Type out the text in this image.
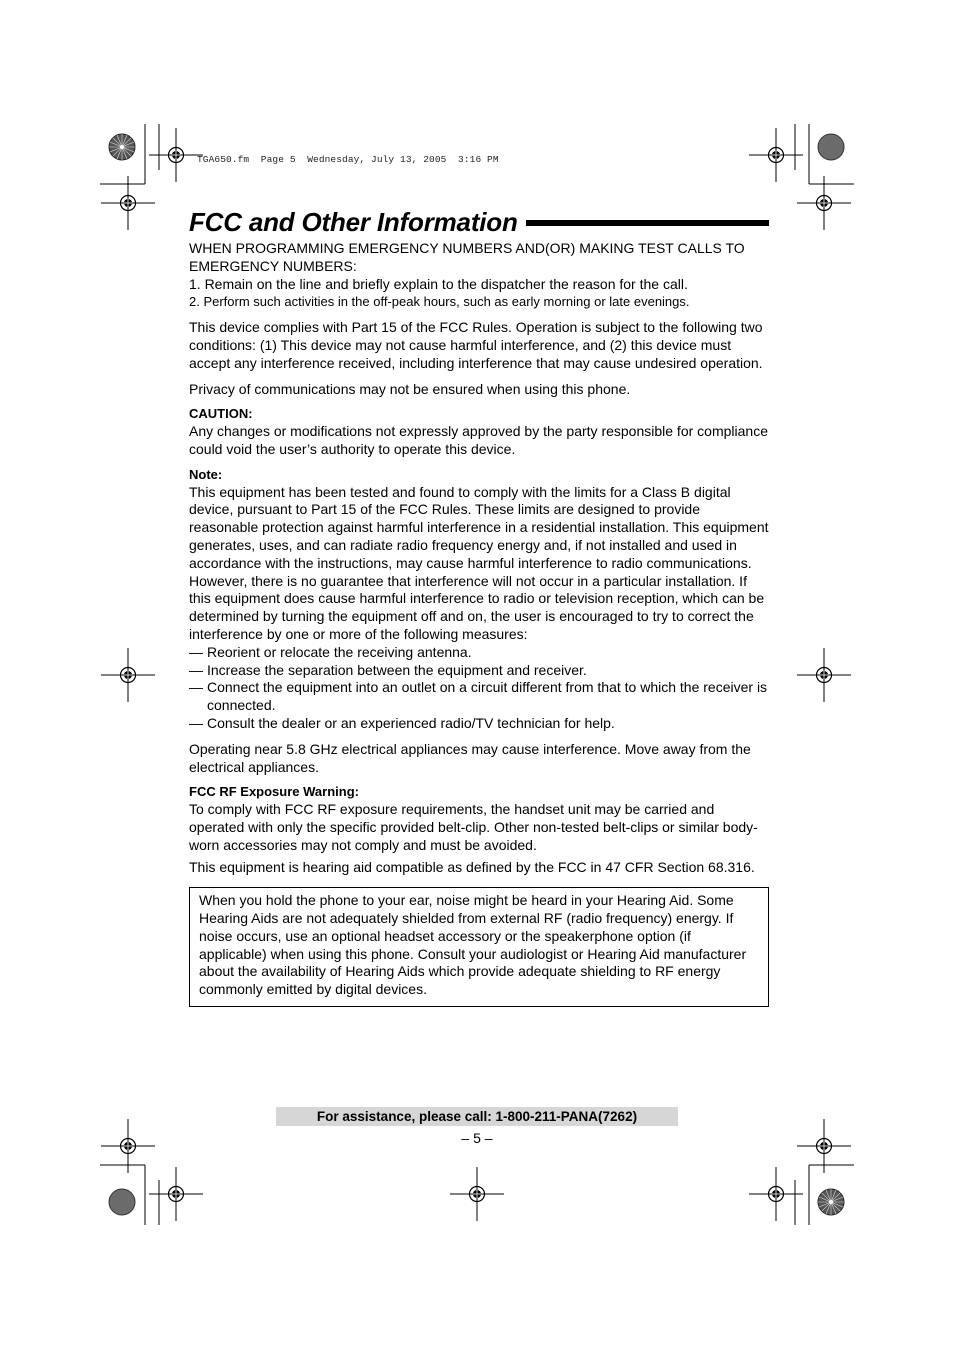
TGA650.fm  Page 5  Wednesday, July 13, 2005  3:16 PM
FCC and Other Information

WHEN PROGRAMMING EMERGENCY NUMBERS AND(OR) MAKING TEST CALLS TO EMERGENCY NUMBERS:

1. Remain on the line and briefly explain to the dispatcher the reason for the call.

2. Perform such activities in the off-peak hours, such as early morning or late evenings.

This device complies with Part 15 of the FCC Rules. Operation is subject to the following two conditions: (1) This device may not cause harmful interference, and (2) this device must accept any interference received, including interference that may cause undesired operation.

Privacy of communications may not be ensured when using this phone.

CAUTION:

Any changes or modifications not expressly approved by the party responsible for compliance could void the user’s authority to operate this device.

Note:

This equipment has been tested and found to comply with the limits for a Class B digital device, pursuant to Part 15 of the FCC Rules. These limits are designed to provide reasonable protection against harmful interference in a residential installation. This equipment generates, uses, and can radiate radio frequency energy and, if not installed and used in accordance with the instructions, may cause harmful interference to radio communications. However, there is no guarantee that interference will not occur in a particular installation. If this equipment does cause harmful interference to radio or television reception, which can be determined by turning the equipment off and on, the user is encouraged to try to correct the interference by one or more of the following measures:

— Reorient or relocate the receiving antenna.
— Increase the separation between the equipment and receiver.
— Connect the equipment into an outlet on a circuit different from that to which the receiver is connected.
— Consult the dealer or an experienced radio/TV technician for help.

Operating near 5.8 GHz electrical appliances may cause interference. Move away from the electrical appliances.

FCC RF Exposure Warning:

To comply with FCC RF exposure requirements, the handset unit may be carried and operated with only the specific provided belt-clip. Other non-tested belt-clips or similar body-worn accessories may not comply and must be avoided.

This equipment is hearing aid compatible as defined by the FCC in 47 CFR Section 68.316.

When you hold the phone to your ear, noise might be heard in your Hearing Aid. Some Hearing Aids are not adequately shielded from external RF (radio frequency) energy. If noise occurs, use an optional headset accessory or the speakerphone option (if applicable) when using this phone. Consult your audiologist or Hearing Aid manufacturer about the availability of Hearing Aids which provide adequate shielding to RF energy commonly emitted by digital devices.
For assistance, please call: 1-800-211-PANA(7262)
– 5 –
